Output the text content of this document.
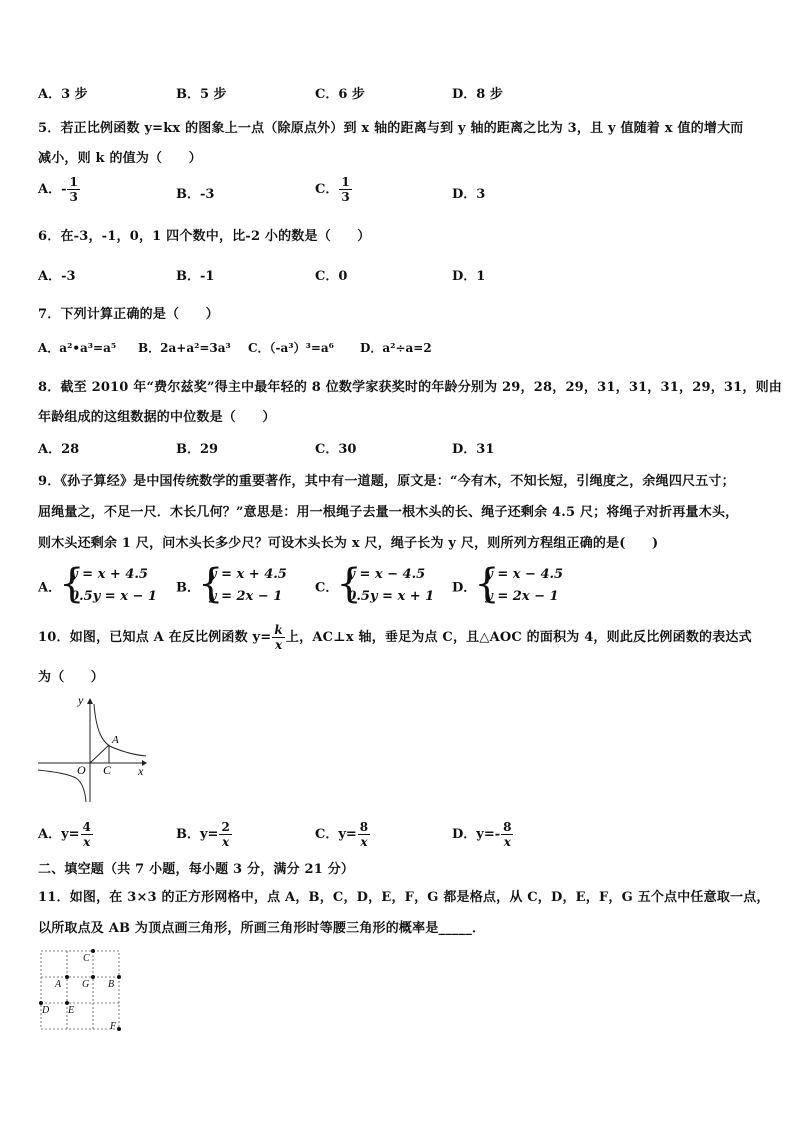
A．3 步	B．5 步	C．6 步	D．8 步
5．若正比例函数 y=kx 的图象上一点（除原点外）到 x 轴的距离与到 y 轴的距离之比为 3，且 y 值随着 x 值的增大而
减小，则 k 的值为（　　）
A．- $\frac{1}{3}$	B．-3	C． $\frac{1}{3}$	D．3
6．在-3，-1，0，1 四个数中，比-2 小的数是（　　）
A．-3	B．-1	C．0	D．1
7．下列计算正确的是（　　）
A．a²•a³=a⁵ B．2a+a²=3a³ C．（-a³）³=a⁶ D．a²÷a=2
8．截至 2010 年“费尔兹奖”得主中最年轻的 8 位数学家获奖时的年龄分别为 29，28，29，31，31，31，29，31，则由
年龄组成的这组数据的中位数是（　　）
A．28	B．29	C．30	D．31
9．《孙子算经》是中国传统数学的重要著作，其中有一道题，原文是：“今有木，不知长短，引绳度之，余绳四尺五寸；
屈绳量之，不足一尺．木长几何？”意思是：用一根绳子去量一根木头的长、绳子还剩余 4.5 尺；将绳子对折再量木头，
则木头还剩余 1 尺，问木头长多少尺？可设木头长为 x 尺，绳子长为 y 尺，则所列方程组正确的是(　　)
A．
{ y = x + 4.5
0.5y = x − 1
B．
{ y = x + 4.5
y = 2x − 1
C．
{ y = x − 4.5
0.5y = x + 1
D．
{ y = x − 4.5
y = 2x − 1
10．如图，已知点 A 在反比例函数 $y= \frac{k}{x}$ 上，AC⊥x 轴，垂足为点 C，且△AOC 的面积为 4，则此反比例函数的表达式
为（　　）
y
x
O C
A
A．$y= \frac{4}{x}$	B．$y= \frac{2}{x}$	C．$y= \frac{8}{x}$	D．$y=- \frac{8}{x}$
二、填空题（共 7 小题，每小题 3 分，满分 21 分）
11．如图，在 3×3 的正方形网格中，点 A，B，C，D，E，F，G 都是格点，从 C，D，E，F，G 五个点中任意取一点，
以所取点及 AB 为顶点画三角形，所画三角形时等腰三角形的概率是_____．
C
A G B
D E
F
